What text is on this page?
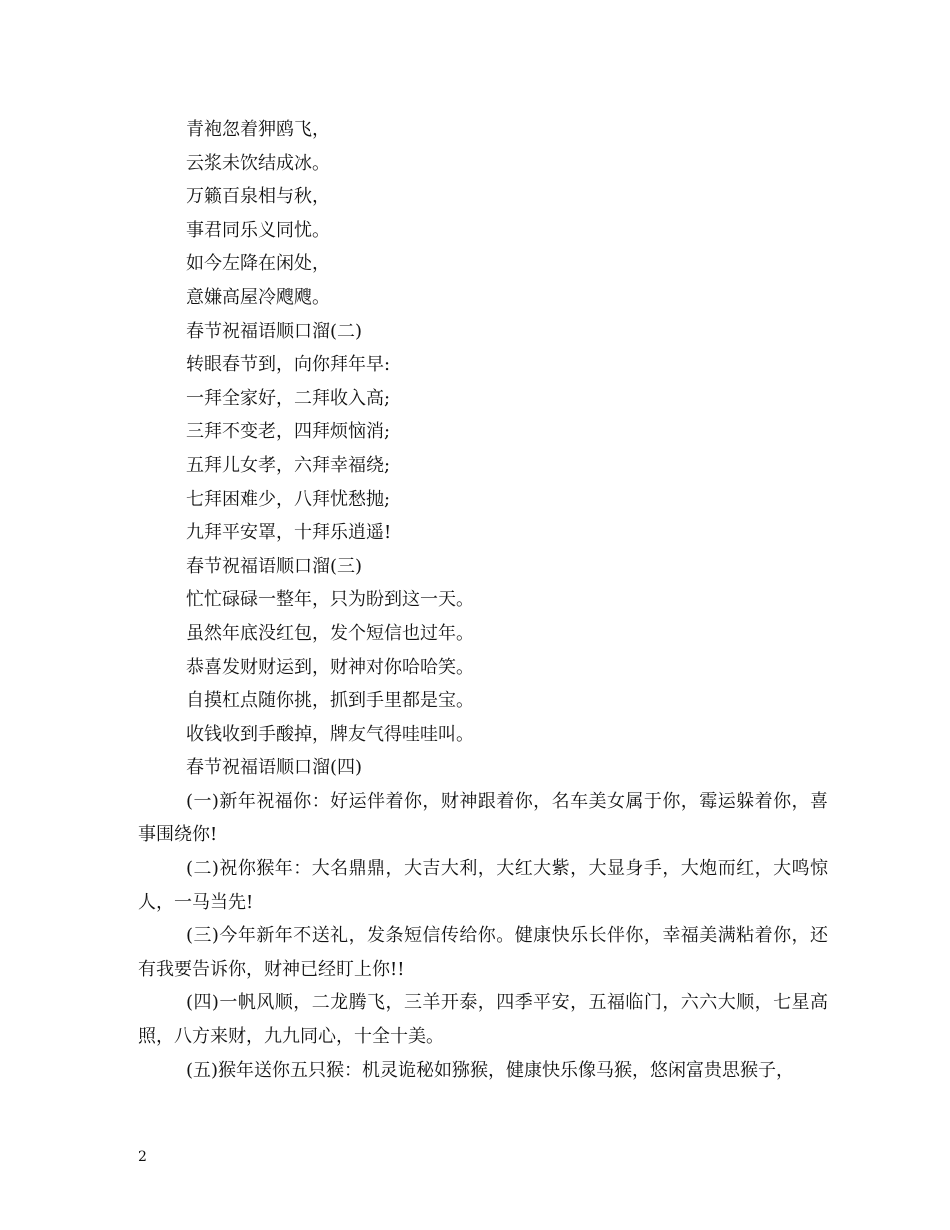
青袍忽着狎鸥飞，
云浆未饮结成冰。
万籁百泉相与秋，
事君同乐义同忧。
如今左降在闲处，
意嫌高屋冷飕飕。
春节祝福语顺口溜(二)
转眼春节到，向你拜年早:
一拜全家好，二拜收入高;
三拜不变老，四拜烦恼消;
五拜儿女孝，六拜幸福绕;
七拜困难少，八拜忧愁抛;
九拜平安罩，十拜乐逍遥!
春节祝福语顺口溜(三)
忙忙碌碌一整年，只为盼到这一天。
虽然年底没红包，发个短信也过年。
恭喜发财财运到，财神对你哈哈笑。
自摸杠点随你挑，抓到手里都是宝。
收钱收到手酸掉，牌友气得哇哇叫。
春节祝福语顺口溜(四)
(一)新年祝福你：好运伴着你，财神跟着你，名车美女属于你，霉运躲着你，喜事围绕你!
(二)祝你猴年：大名鼎鼎，大吉大利，大红大紫，大显身手，大炮而红，大鸣惊人，一马当先!
(三)今年新年不送礼，发条短信传给你。健康快乐长伴你，幸福美满粘着你，还有我要告诉你，财神已经盯上你!!
(四)一帆风顺，二龙腾飞，三羊开泰，四季平安，五福临门，六六大顺，七星高照，八方来财，九九同心，十全十美。
(五)猴年送你五只猴：机灵诡秘如猕猴，健康快乐像马猴，悠闲富贵思猴子，
2
